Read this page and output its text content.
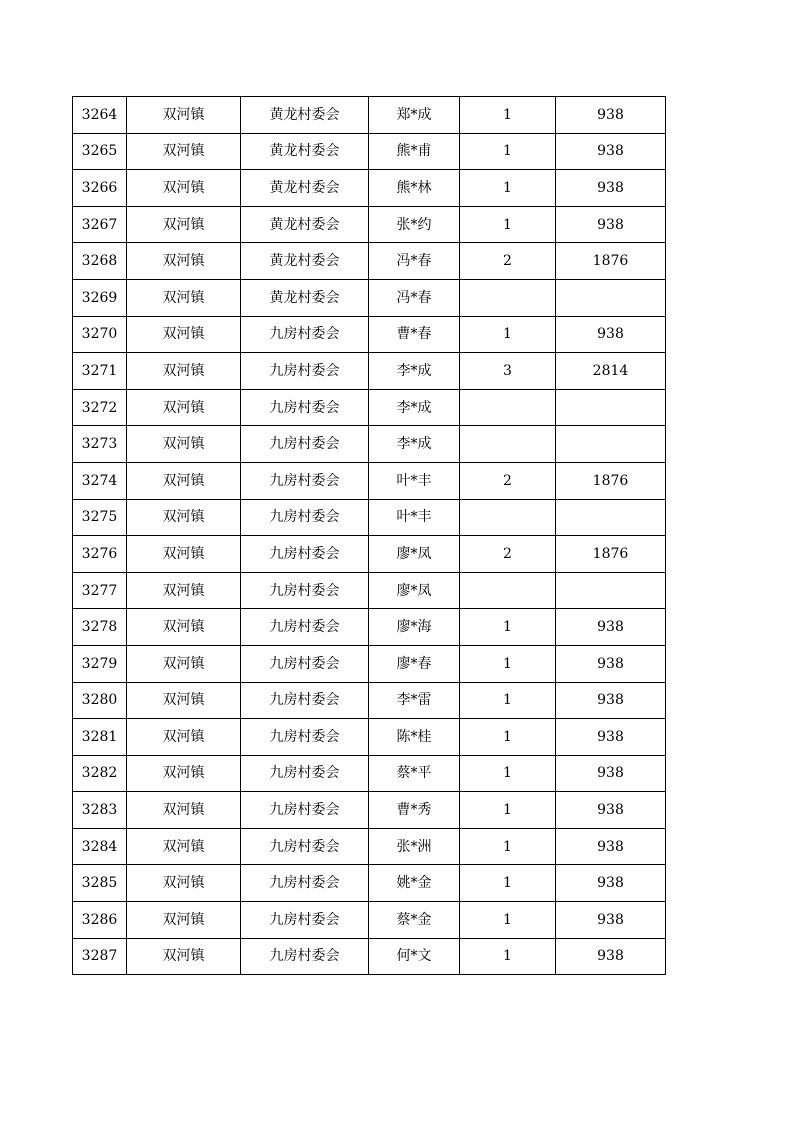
3264	双河镇	黄龙村委会	郑*成	1	938
3265	双河镇	黄龙村委会	熊*甫	1	938
3266	双河镇	黄龙村委会	熊*林	1	938
3267	双河镇	黄龙村委会	张*约	1	938
3268	双河镇	黄龙村委会	冯*春	2	1876
3269	双河镇	黄龙村委会	冯*春		
3270	双河镇	九房村委会	曹*春	1	938
3271	双河镇	九房村委会	李*成	3	2814
3272	双河镇	九房村委会	李*成		
3273	双河镇	九房村委会	李*成		
3274	双河镇	九房村委会	叶*丰	2	1876
3275	双河镇	九房村委会	叶*丰		
3276	双河镇	九房村委会	廖*凤	2	1876
3277	双河镇	九房村委会	廖*凤		
3278	双河镇	九房村委会	廖*海	1	938
3279	双河镇	九房村委会	廖*春	1	938
3280	双河镇	九房村委会	李*雷	1	938
3281	双河镇	九房村委会	陈*桂	1	938
3282	双河镇	九房村委会	蔡*平	1	938
3283	双河镇	九房村委会	曹*秀	1	938
3284	双河镇	九房村委会	张*洲	1	938
3285	双河镇	九房村委会	姚*金	1	938
3286	双河镇	九房村委会	蔡*金	1	938
3287	双河镇	九房村委会	何*文	1	938
